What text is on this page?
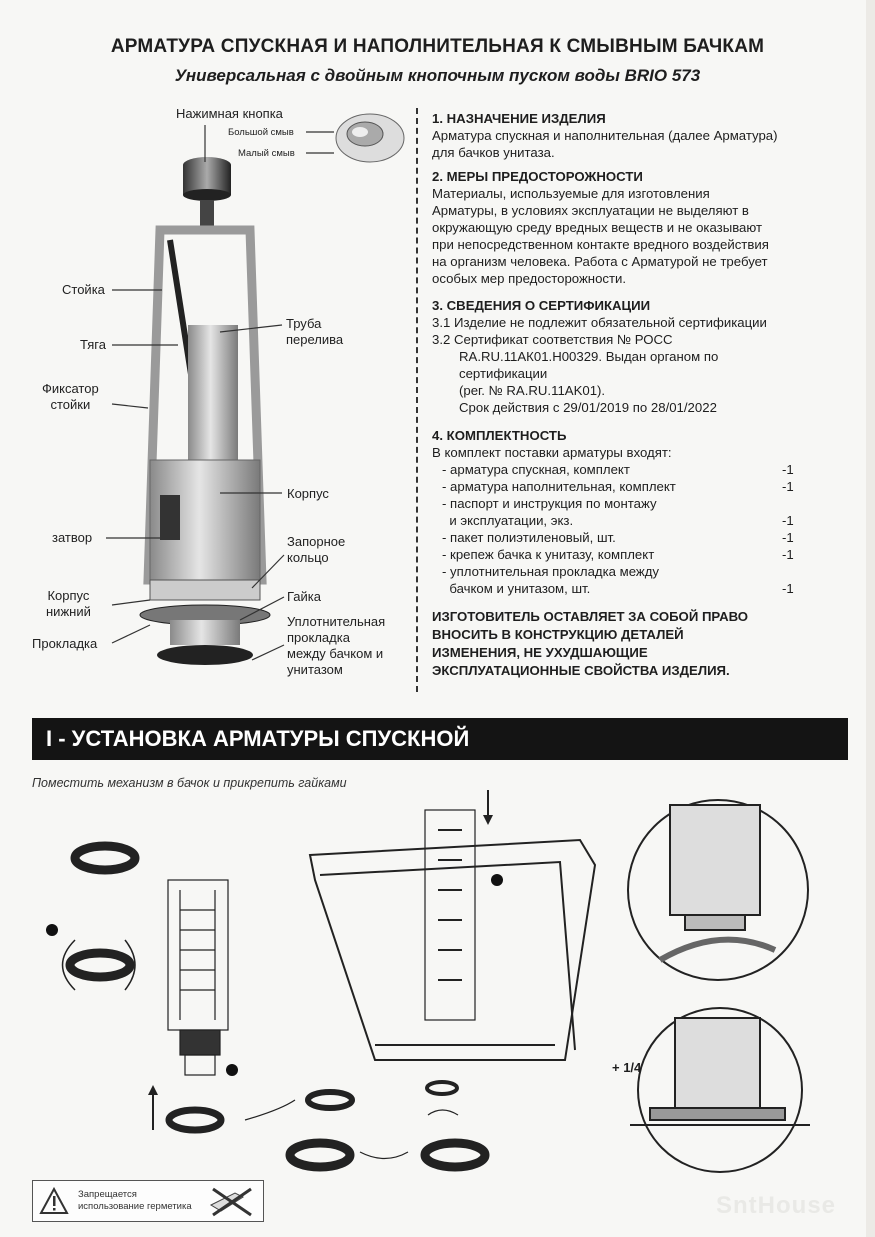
АРМАТУРА СПУСКНАЯ И НАПОЛНИТЕЛЬНАЯ К СМЫВНЫМ БАЧКАМ
Универсальная с двойным кнопочным пуском воды BRIO 573
Нажимная кнопка
Большой смыв
Малый смыв
Стойка
Тяга
Труба
перелива
Фиксатор
стойки
Корпус
затвор	Запорное
кольцо
Корпус
нижний
Гайка
Прокладка
Уплотнительная
прокладка
между бачком и
унитазом
1. НАЗНАЧЕНИЕ ИЗДЕЛИЯ
Арматура спускная и наполнительная (далее Арматура)
для бачков унитаза.
2. МЕРЫ ПРЕДОСТОРОЖНОСТИ
Материалы, используемые для изготовления
Арматуры, в условиях эксплуатации не выделяют в
окружающую среду вредных веществ и не оказывают
при непосредственном контакте вредного воздействия
на организм человека. Работа с Арматурой не требует
особых мер предосторожности.
3. СВЕДЕНИЯ О СЕРТИФИКАЦИИ
3.1 Изделие не подлежит обязательной сертификации
3.2 Сертификат соответствия № РОСС
RA.RU.11АК01.Н00329. Выдан органом по
сертификации
(рег. № RA.RU.11AK01).
Срок действия с 29/01/2019 по 28/01/2022
4. КОМПЛЕКТНОСТЬ
В комплект поставки арматуры входят:
- арматура спускная, комплект	-1
- арматура наполнительная, комплект	-1
- паспорт и инструкция по монтажу
и эксплуатации, экз.	-1
- пакет полиэтиленовый, шт.	-1
- крепеж бачка к унитазу, комплект	-1
- уплотнительная прокладка между
бачком и унитазом, шт.	-1
ИЗГОТОВИТЕЛЬ ОСТАВЛЯЕТ ЗА СОБОЙ ПРАВО
ВНОСИТЬ В КОНСТРУКЦИЮ ДЕТАЛЕЙ
ИЗМЕНЕНИЯ, НЕ УХУДШАЮЩИЕ
ЭКСПЛУАТАЦИОННЫЕ СВОЙСТВА ИЗДЕЛИЯ.
I - УСТАНОВКА АРМАТУРЫ СПУСКНОЙ
Поместить механизм в бачок и прикрепить гайками
+ 1/4
Запрещается
использование герметика	SntHouse
